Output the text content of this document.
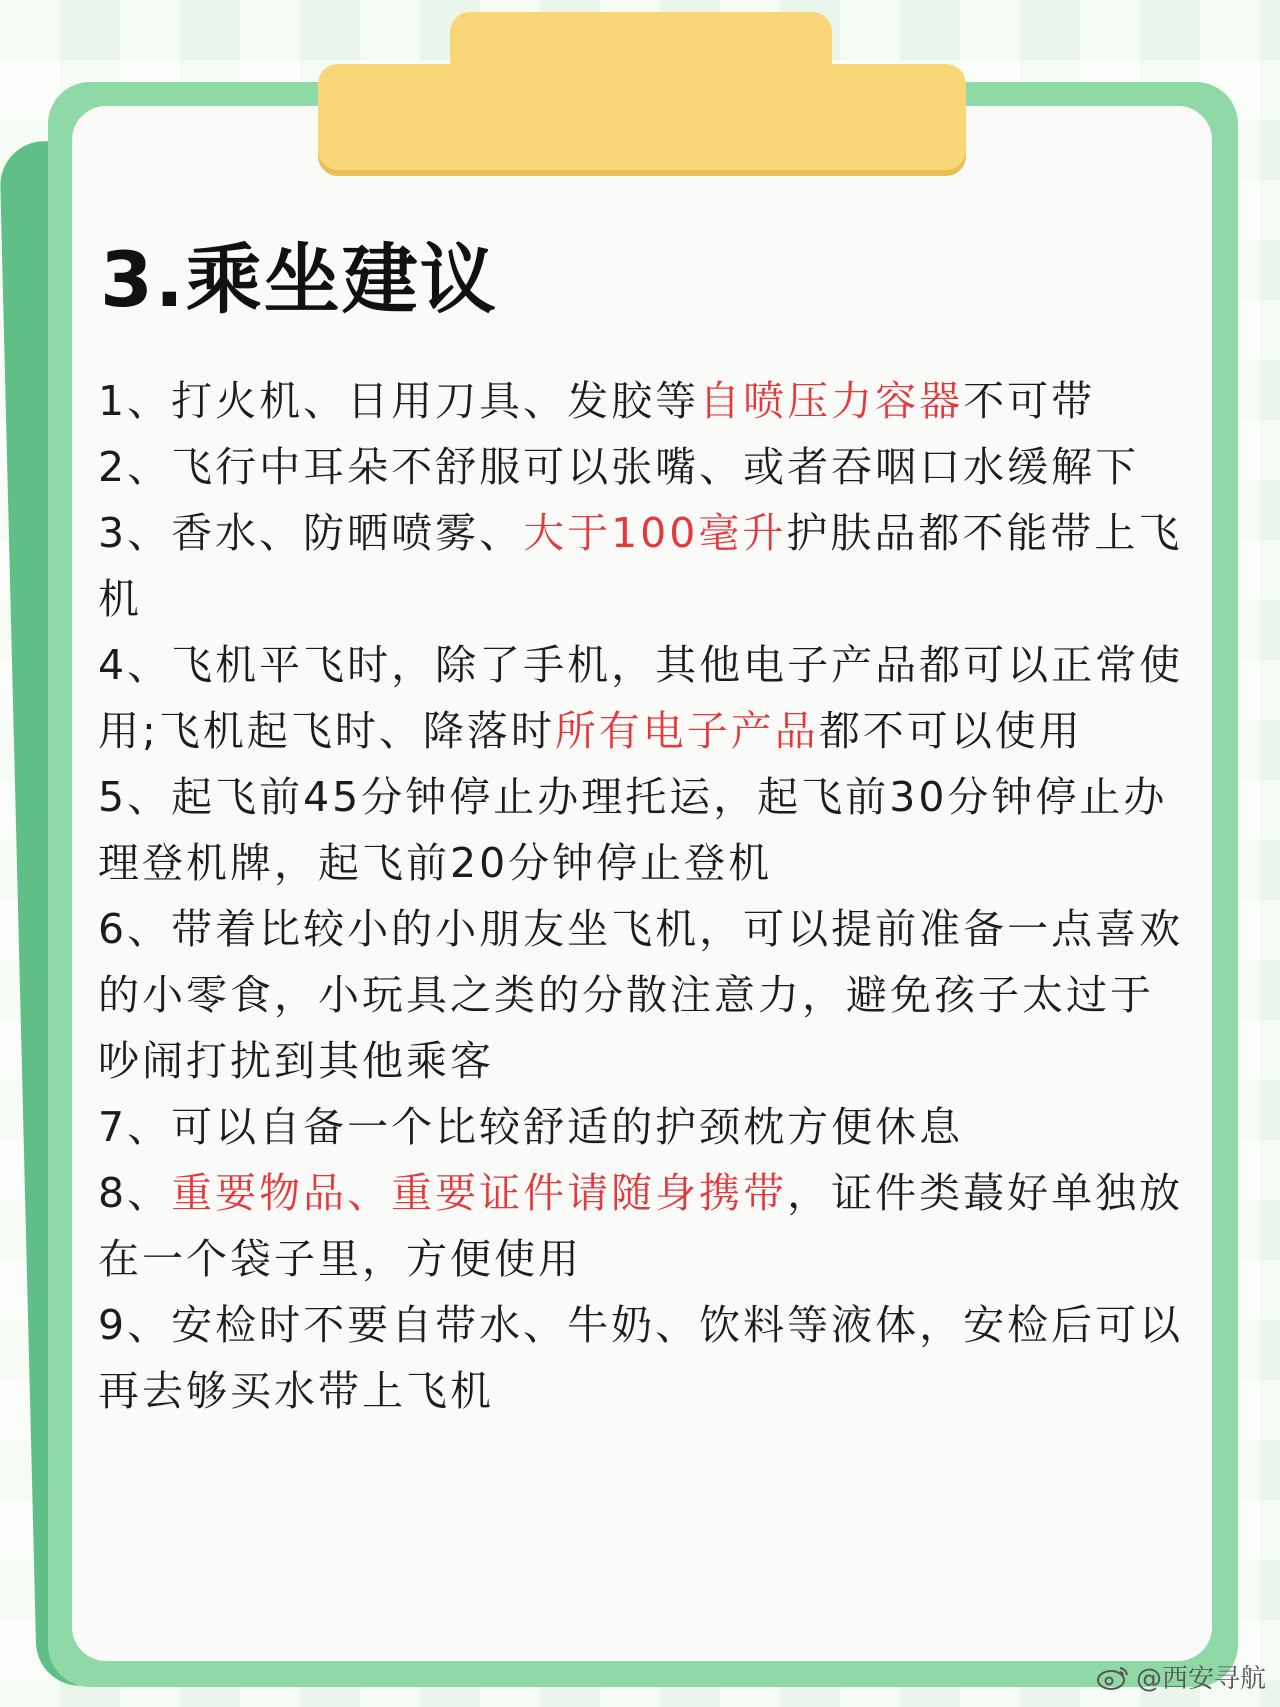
3.乘坐建议

1、打火机、日用刀具、发胶等自喷压力容器不可带

2、飞行中耳朵不舒服可以张嘴、或者吞咽口水缓解下

3、香水、防晒喷雾、大于100毫升护肤品都不能带上飞机

4、飞机平飞时，除了手机，其他电子产品都可以正常使用;飞机起飞时、降落时所有电子产品都不可以使用

5、起飞前45分钟停止办理托运，起飞前30分钟停止办理登机牌，起飞前20分钟停止登机

6、带着比较小的小朋友坐飞机，可以提前准备一点喜欢的小零食，小玩具之类的分散注意力，避免孩子太过于吵闹打扰到其他乘客

7、可以自备一个比较舒适的护颈枕方便休息

8、重要物品、重要证件请随身携带，证件类蕞好单独放在一个袋子里，方便使用

9、安检时不要自带水、牛奶、饮料等液体，安检后可以再去够买水带上飞机

@西安寻航
